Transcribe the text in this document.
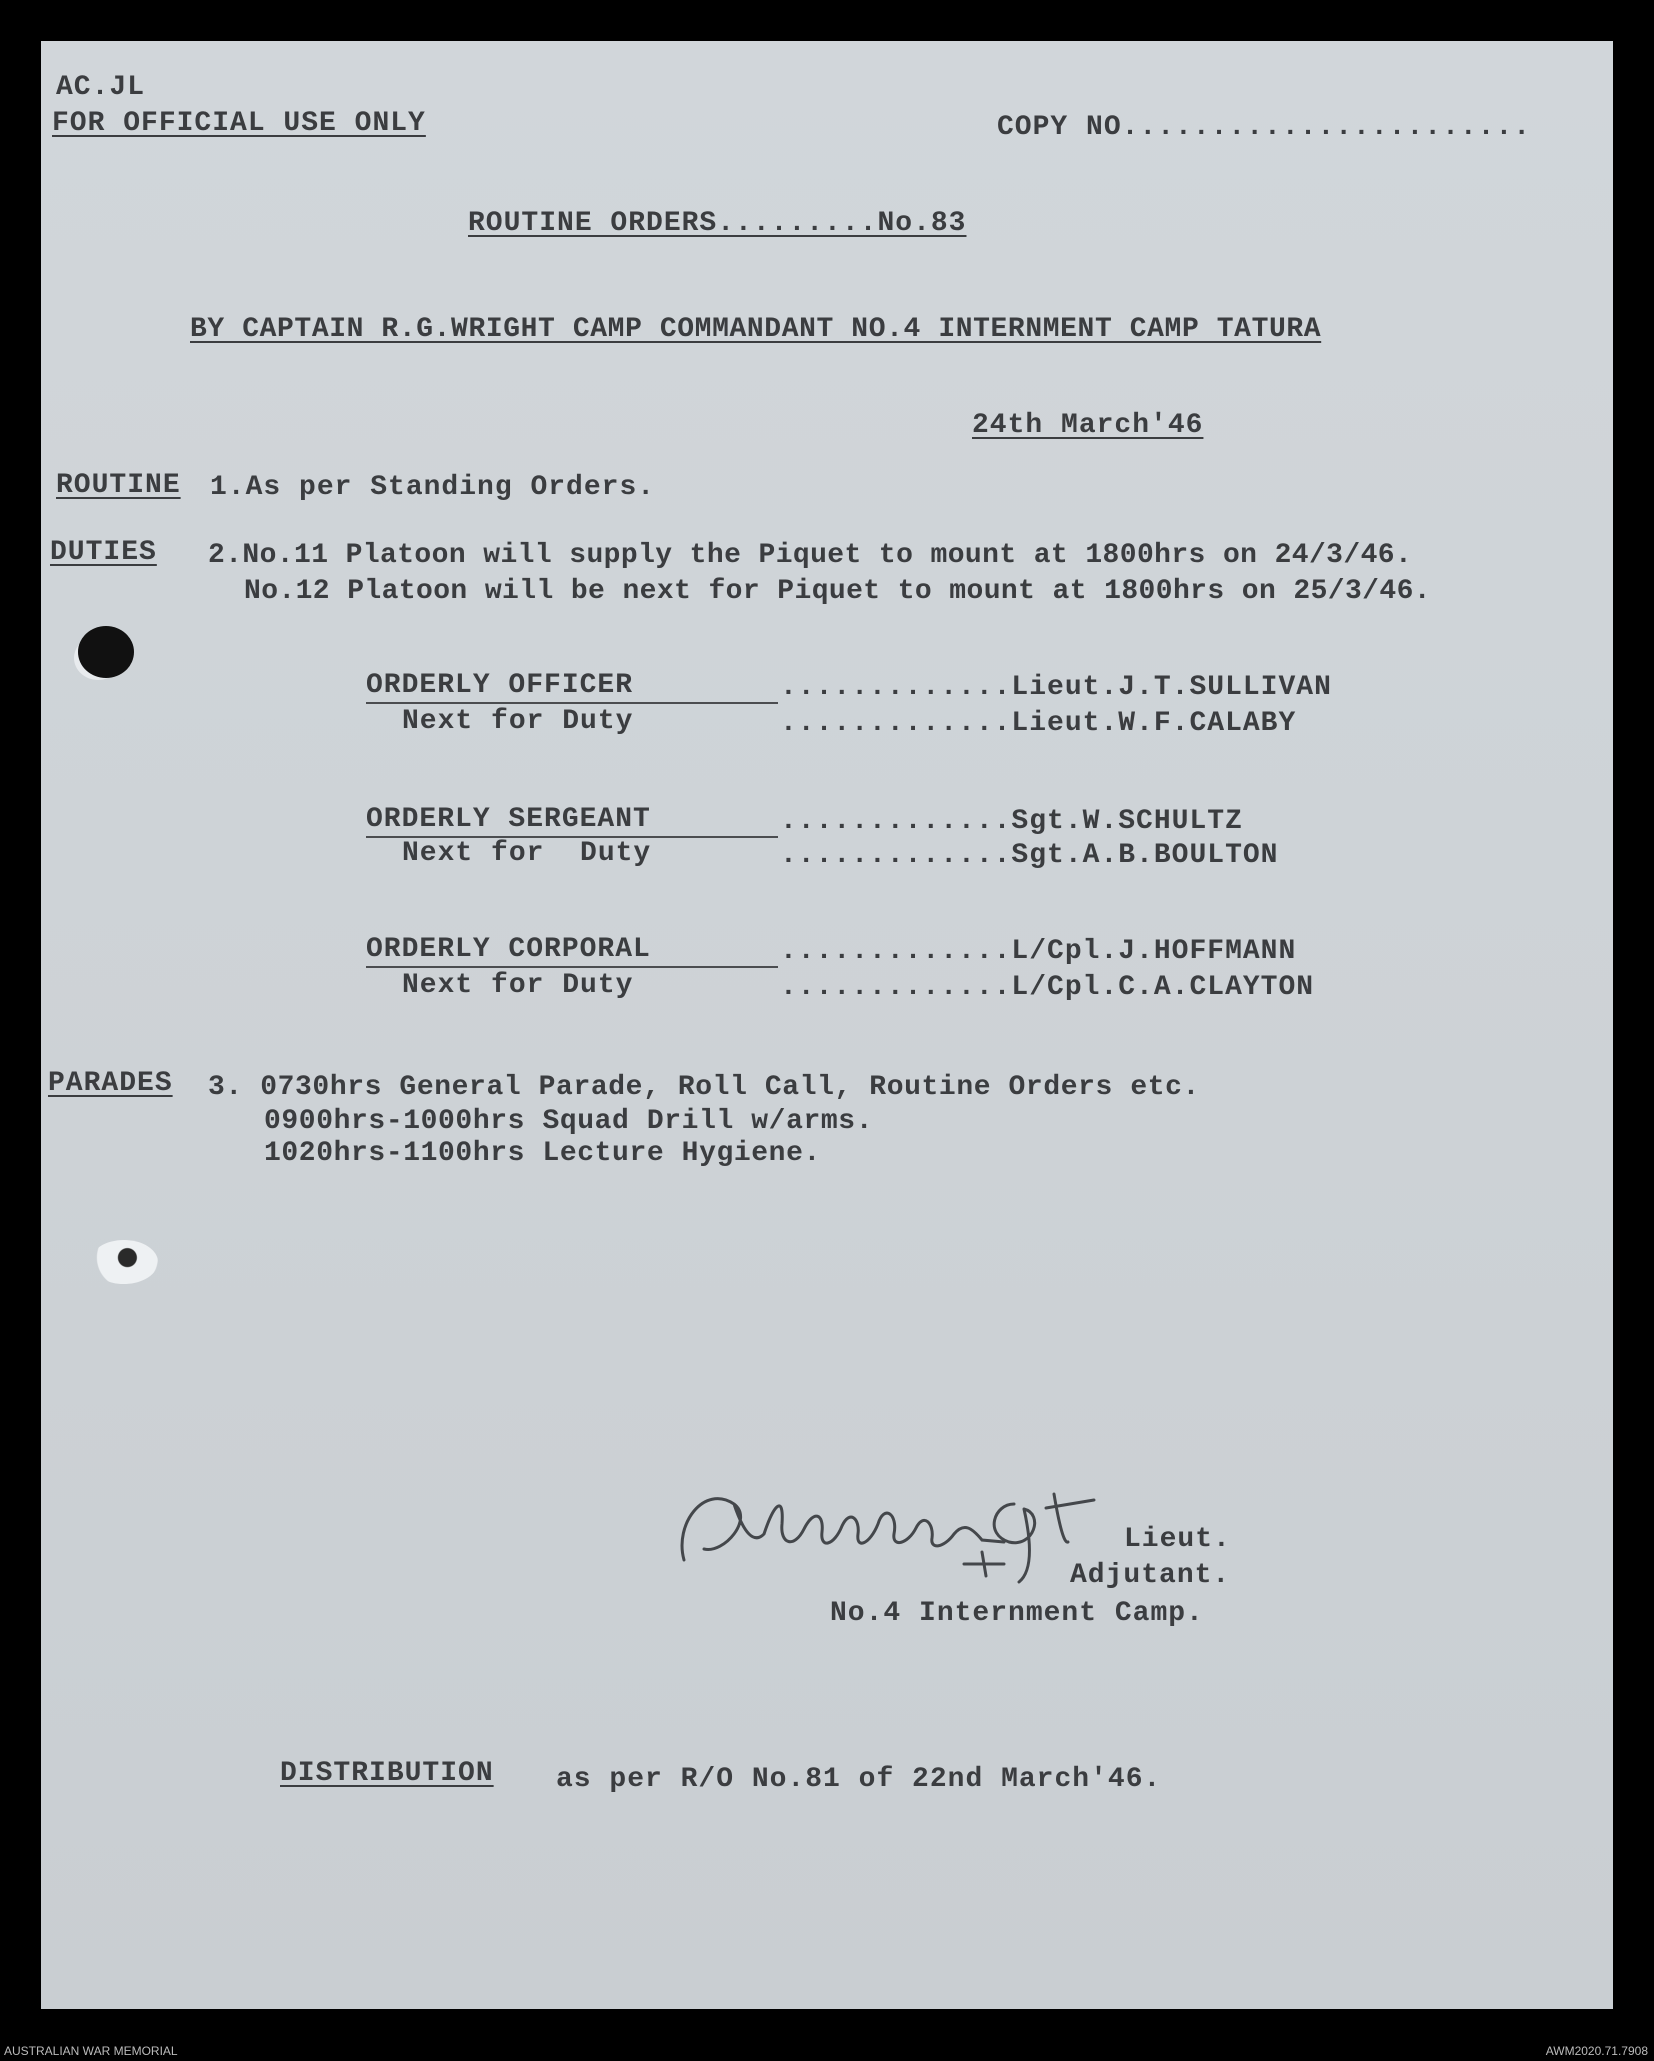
AC.JL

FOR OFFICIAL USE ONLY	COPY NO.......................

ROUTINE ORDERS.........No.83

BY CAPTAIN R.G.WRIGHT CAMP COMMANDANT NO.4 INTERNMENT CAMP TATURA

24th March'46

ROUTINE 1.As per Standing Orders.

DUTIES 2.No.11 Platoon will supply the Piquet to mount at 1800hrs on 24/3/46.

No.12 Platoon will be next for Piquet to mount at 1800hrs on 25/3/46.

ORDERLY OFFICER	.............Lieut.J.T.SULLIVAN

Next for Duty	.............Lieut.W.F.CALABY

ORDERLY SERGEANT	.............Sgt.W.SCHULTZ

Next for  Duty	.............Sgt.A.B.BOULTON

ORDERLY CORPORAL	.............L/Cpl.J.HOFFMANN

Next for Duty	.............L/Cpl.C.A.CLAYTON

PARADES 3. 0730hrs General Parade, Roll Call, Routine Orders etc.

0900hrs-1000hrs Squad Drill w/arms.

1020hrs-1100hrs Lecture Hygiene.

Lieut.

Adjutant.

No.4 Internment Camp.

DISTRIBUTION as per R/O No.81 of 22nd March'46.

AUSTRALIAN WAR MEMORIAL	AWM2020.71.7908
